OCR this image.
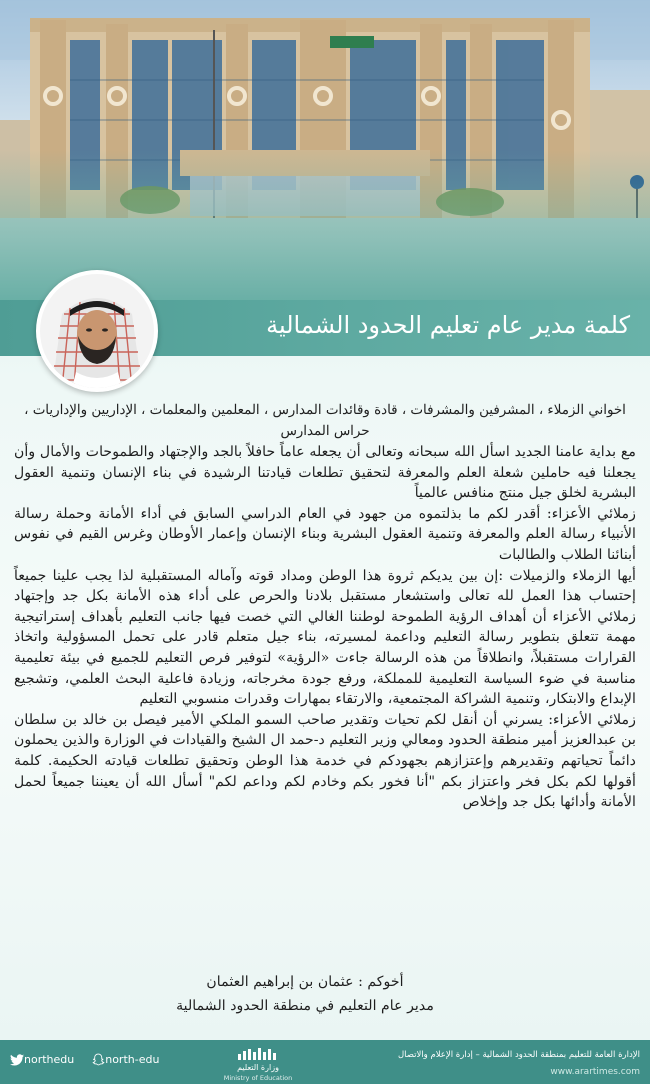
كلمة مدير عام تعليم الحدود الشمالية

اخواني الزملاء ، المشرفين والمشرفات ، قادة وقائدات المدارس ، المعلمين والمعلمات ، الإداريين والإداريات ، حراس المدارس

مع بداية عامنا الجديد اسأل الله سبحانه وتعالى أن يجعله عاماً حافلاً بالجد والإجتهاد والطموحات والأمال وأن يجعلنا فيه حاملين شعلة العلم والمعرفة لتحقيق تطلعات قيادتنا الرشيدة في بناء الإنسان وتنمية العقول البشرية لخلق جيل منتج منافس عالمياً

زملائي الأعزاء: أقدر لكم ما بذلتموه من جهود في العام الدراسي السابق في أداء الأمانة وحملة رسالة الأنبياء رسالة العلم والمعرفة وتنمية العقول البشرية وبناء الإنسان وإعمار الأوطان وغرس القيم في نفوس أبنائنا الطلاب والطالبات

أيها الزملاء والزميلات :إن بين يديكم ثروة هذا الوطن ومداد قوته وآماله المستقبلية لذا يجب علينا جميعاً إحتساب هذا العمل لله تعالى واستشعار مستقبل بلادنا والحرص على أداء هذه الأمانة بكل جد وإجتهاد زملائي الأعزاء أن أهداف الرؤية الطموحة لوطننا الغالي التي خصت فيها جانب التعليم بأهداف إستراتيجية مهمة تتعلق بتطوير رسالة التعليم وداعمة لمسيرته، بناء جيل متعلم قادر على تحمل المسؤولية واتخاذ القرارات مستقبلاً، وانطلاقاً من هذه الرسالة جاءت «الرؤية» لتوفير فرص التعليم للجميع في بيئة تعليمية مناسبة في ضوء السياسة التعليمية للمملكة، ورفع جودة مخرجاته، وزيادة فاعلية البحث العلمي، وتشجيع الإبداع والابتكار، وتنمية الشراكة المجتمعية، والارتقاء بمهارات وقدرات منسوبي التعليم

زملائي الأعزاء: يسرني أن أنقل لكم تحيات وتقدير صاحب السمو الملكي الأمير فيصل بن خالد بن سلطان بن عبدالعزيز أمير منطقة الحدود ومعالي وزير التعليم د-حمد ال الشيخ والقيادات في الوزارة والذين يحملون دائماً تحياتهم وتقديرهم وإعتزازهم بجهودكم في خدمة هذا الوطن وتحقيق تطلعات قيادته الحكيمة. كلمة أقولها لكم بكل فخر واعتزاز بكم "أنا فخور بكم وخادم لكم وداعم لكم" أسأل الله أن يعيننا جميعاً لحمل الأمانة وأدائها بكل جد وإخلاص

أخوكم : عثمان بن إبراهيم العثمان
مدير عام التعليم في منطقة الحدود الشمالية
northedu	north-edu
وزارة التعليم
Ministry of Education
الإدارة العامة للتعليم بمنطقة الحدود الشمالية – إدارة الإعلام والاتصال
www.arartimes.com
